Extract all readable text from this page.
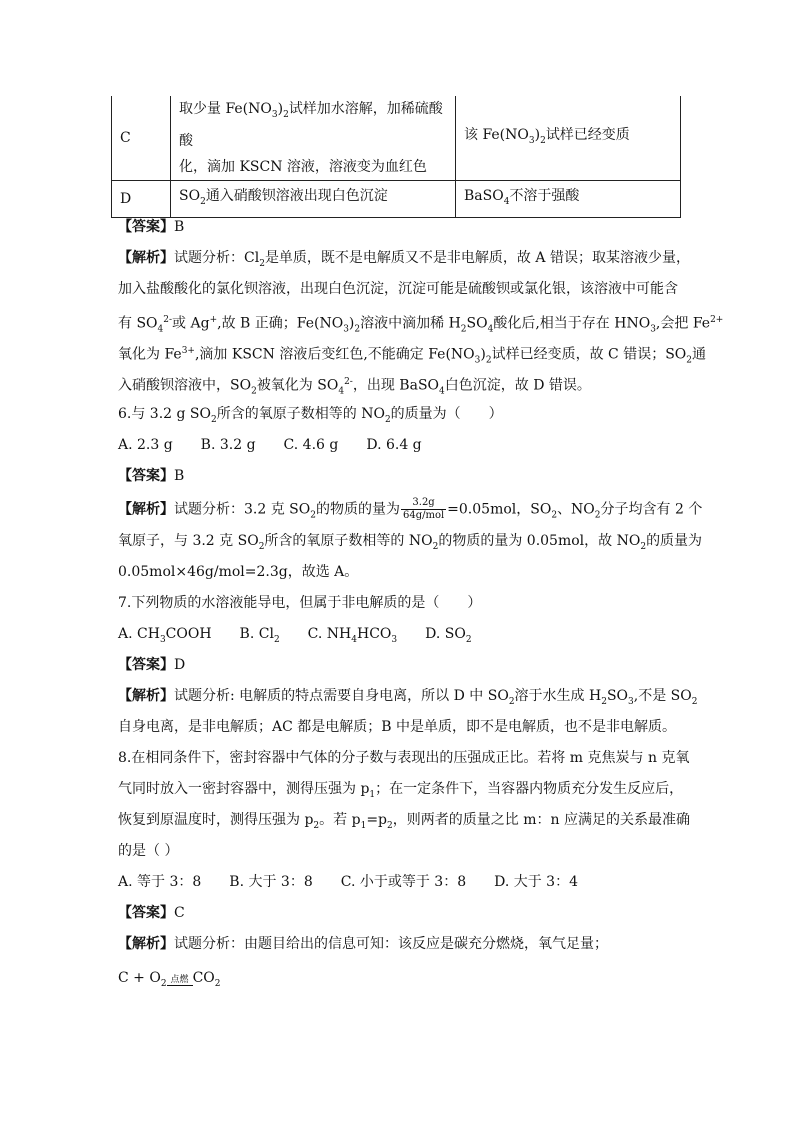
C	取少量 $Fe(NO_3)_2$试样加水溶解，加稀硫酸酸
化，滴加 KSCN 溶液，溶液变为血红色	该 $Fe(NO_3)_2$试样已经变质
D	$SO_2$通入硝酸钡溶液出现白色沉淀	BaSO$_4$不溶于强酸
【答案】B
【解析】试题分析：$Cl_2$是单质，既不是电解质又不是非电解质，故 A 错误；取某溶液少量，
加入盐酸酸化的氯化钡溶液，出现白色沉淀，沉淀可能是硫酸钡或氯化银，该溶液中可能含
有 $SO_4^{2-}$或 Ag+,故 B 正确；$Fe(NO_3)_2$溶液中滴加稀 $H_2SO_4$酸化后,相当于存在 $HNO_3$,会把 $Fe^{2+}$
氧化为 $Fe^{3+}$,滴加 KSCN 溶液后变红色,不能确定 $Fe(NO_3)_2$试样已经变质，故 C 错误；$SO_2$通
入硝酸钡溶液中，$SO_2$被氧化为 $SO_4^{2-}$，出现 BaSO$_4$白色沉淀，故 D 错误。
6.与 3.2 g $SO_2$所含的氧原子数相等的 $NO_2$的质量为（　　）
A. 2.3 g　　B. 3.2 g　　C. 4.6 g　　D. 6.4 g
【答案】B
【解析】试题分析：3.2 克 $SO_2$的物质的量为 $\frac{3.2g}{\text{64g/mol}} =0.05mol$，$SO_2$、$NO_2$分子均含有 2 个
氧原子，与 3.2 克 $SO_2$所含的氧原子数相等的 $NO_2$的物质的量为 0.05mol，故 $NO_2$的质量为
0.05mol×46g/mol=2.3g，故选 A。
7.下列物质的水溶液能导电，但属于非电解质的是（　　）
A. $CH_3COOH$　　B. $Cl_2$　　C. $NH_4HCO_3$　　D. $SO_2$
【答案】D
【解析】试题分析: 电解质的特点需要自身电离，所以 D 中 $SO_2$溶于水生成 $H_2SO_3$,不是 $SO_2$
自身电离，是非电解质；AC 都是电解质；B 中是单质，即不是电解质，也不是非电解质。
8.在相同条件下，密封容器中气体的分子数与表现出的压强成正比。若将 m 克焦炭与 n 克氧
气同时放入一密封容器中，测得压强为 $p_1$；在一定条件下，当容器内物质充分发生反应后，
恢复到原温度时，测得压强为 $p_2$。若 $p_1=p_2$，则两者的质量之比 m：n 应满足的关系最准确
的是（ ）
A. 等于 3：8　　B. 大于 3：8　　C. 小于或等于 3：8　　D. 大于 3：4
【答案】C
【解析】试题分析：由题目给出的信息可知：该反应是碳充分燃烧，氧气足量；
$C + O_2$ 点燃 $CO_2$
